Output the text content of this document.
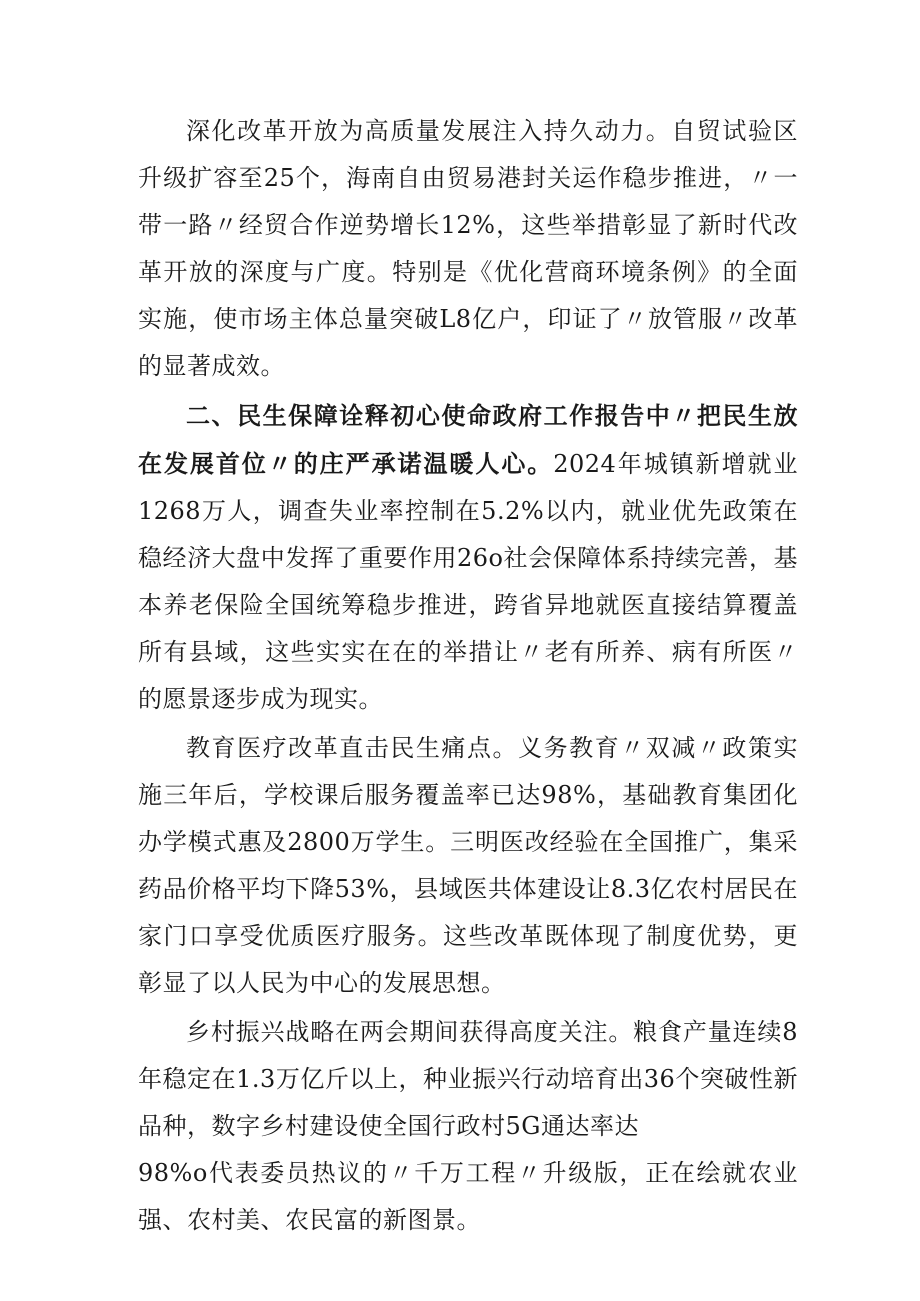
深化改革开放为高质量发展注入持久动力。自贸试验区升级扩容至25个，海南自由贸易港封关运作稳步推进，〃一带一路〃经贸合作逆势增长12%，这些举措彰显了新时代改革开放的深度与广度。特别是《优化营商环境条例》的全面实施，使市场主体总量突破L8亿户，印证了〃放管服〃改革的显著成效。

二、民生保障诠释初心使命政府工作报告中〃把民生放在发展首位〃的庄严承诺温暖人心。2024年城镇新增就业1268万人，调查失业率控制在5.2%以内，就业优先政策在稳经济大盘中发挥了重要作用26o社会保障体系持续完善，基本养老保险全国统筹稳步推进，跨省异地就医直接结算覆盖所有县域，这些实实在在的举措让〃老有所养、病有所医〃的愿景逐步成为现实。

教育医疗改革直击民生痛点。义务教育〃双减〃政策实施三年后，学校课后服务覆盖率已达98%，基础教育集团化办学模式惠及2800万学生。三明医改经验在全国推广，集采药品价格平均下降53%，县域医共体建设让8.3亿农村居民在家门口享受优质医疗服务。这些改革既体现了制度优势，更彰显了以人民为中心的发展思想。

乡村振兴战略在两会期间获得高度关注。粮食产量连续8年稳定在1.3万亿斤以上，种业振兴行动培育出36个突破性新品种，数字乡村建设使全国行政村5G通达率达

98%o代表委员热议的〃千万工程〃升级版，正在绘就农业强、农村美、农民富的新图景。
